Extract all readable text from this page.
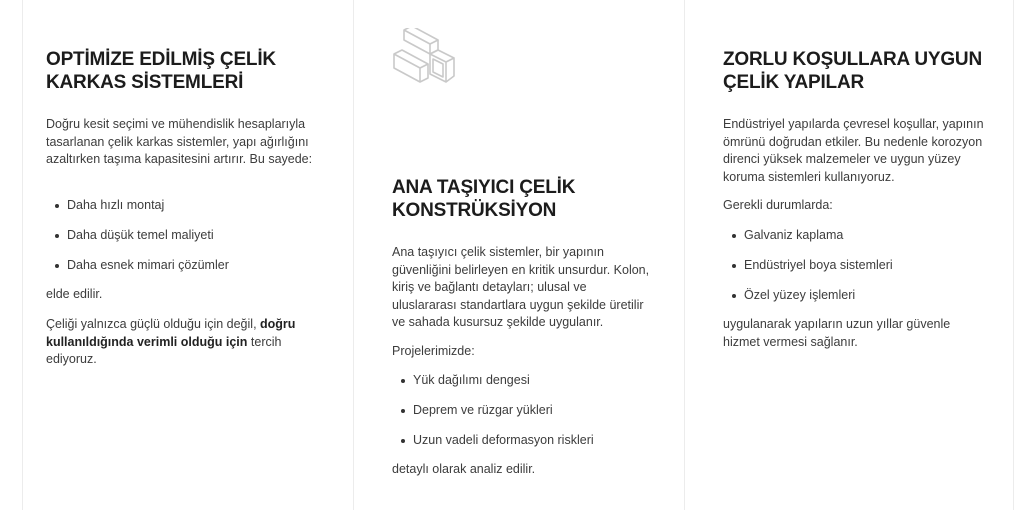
OPTİMİZE EDİLMİŞ ÇELİK
KARKAS SİSTEMLERİ

Doğru kesit seçimi ve mühendislik hesaplarıyla tasarlanan çelik karkas sistemler, yapı ağırlığını azaltırken taşıma kapasitesini artırır. Bu sayede:

Daha hızlı montaj
Daha düşük temel maliyeti
Daha esnek mimari çözümler

elde edilir.

Çeliği yalnızca güçlü olduğu için değil, doğru kullanıldığında verimli olduğu için tercih ediyoruz.

ANA TAŞIYICI ÇELİK
KONSTRÜKSİYON

Ana taşıyıcı çelik sistemler, bir yapının güvenliğini belirleyen en kritik unsurdur. Kolon, kiriş ve bağlantı detayları; ulusal ve uluslararası standartlara uygun şekilde üretilir ve sahada kusursuz şekilde uygulanır.

Projelerimizde:

Yük dağılımı dengesi
Deprem ve rüzgar yükleri
Uzun vadeli deformasyon riskleri

detaylı olarak analiz edilir.

ZORLU KOŞULLARA UYGUN
ÇELİK YAPILAR

Endüstriyel yapılarda çevresel koşullar, yapının ömrünü doğrudan etkiler. Bu nedenle korozyon direnci yüksek malzemeler ve uygun yüzey koruma sistemleri kullanıyoruz.

Gerekli durumlarda:

Galvaniz kaplama
Endüstriyel boya sistemleri
Özel yüzey işlemleri

uygulanarak yapıların uzun yıllar güvenle hizmet vermesi sağlanır.
